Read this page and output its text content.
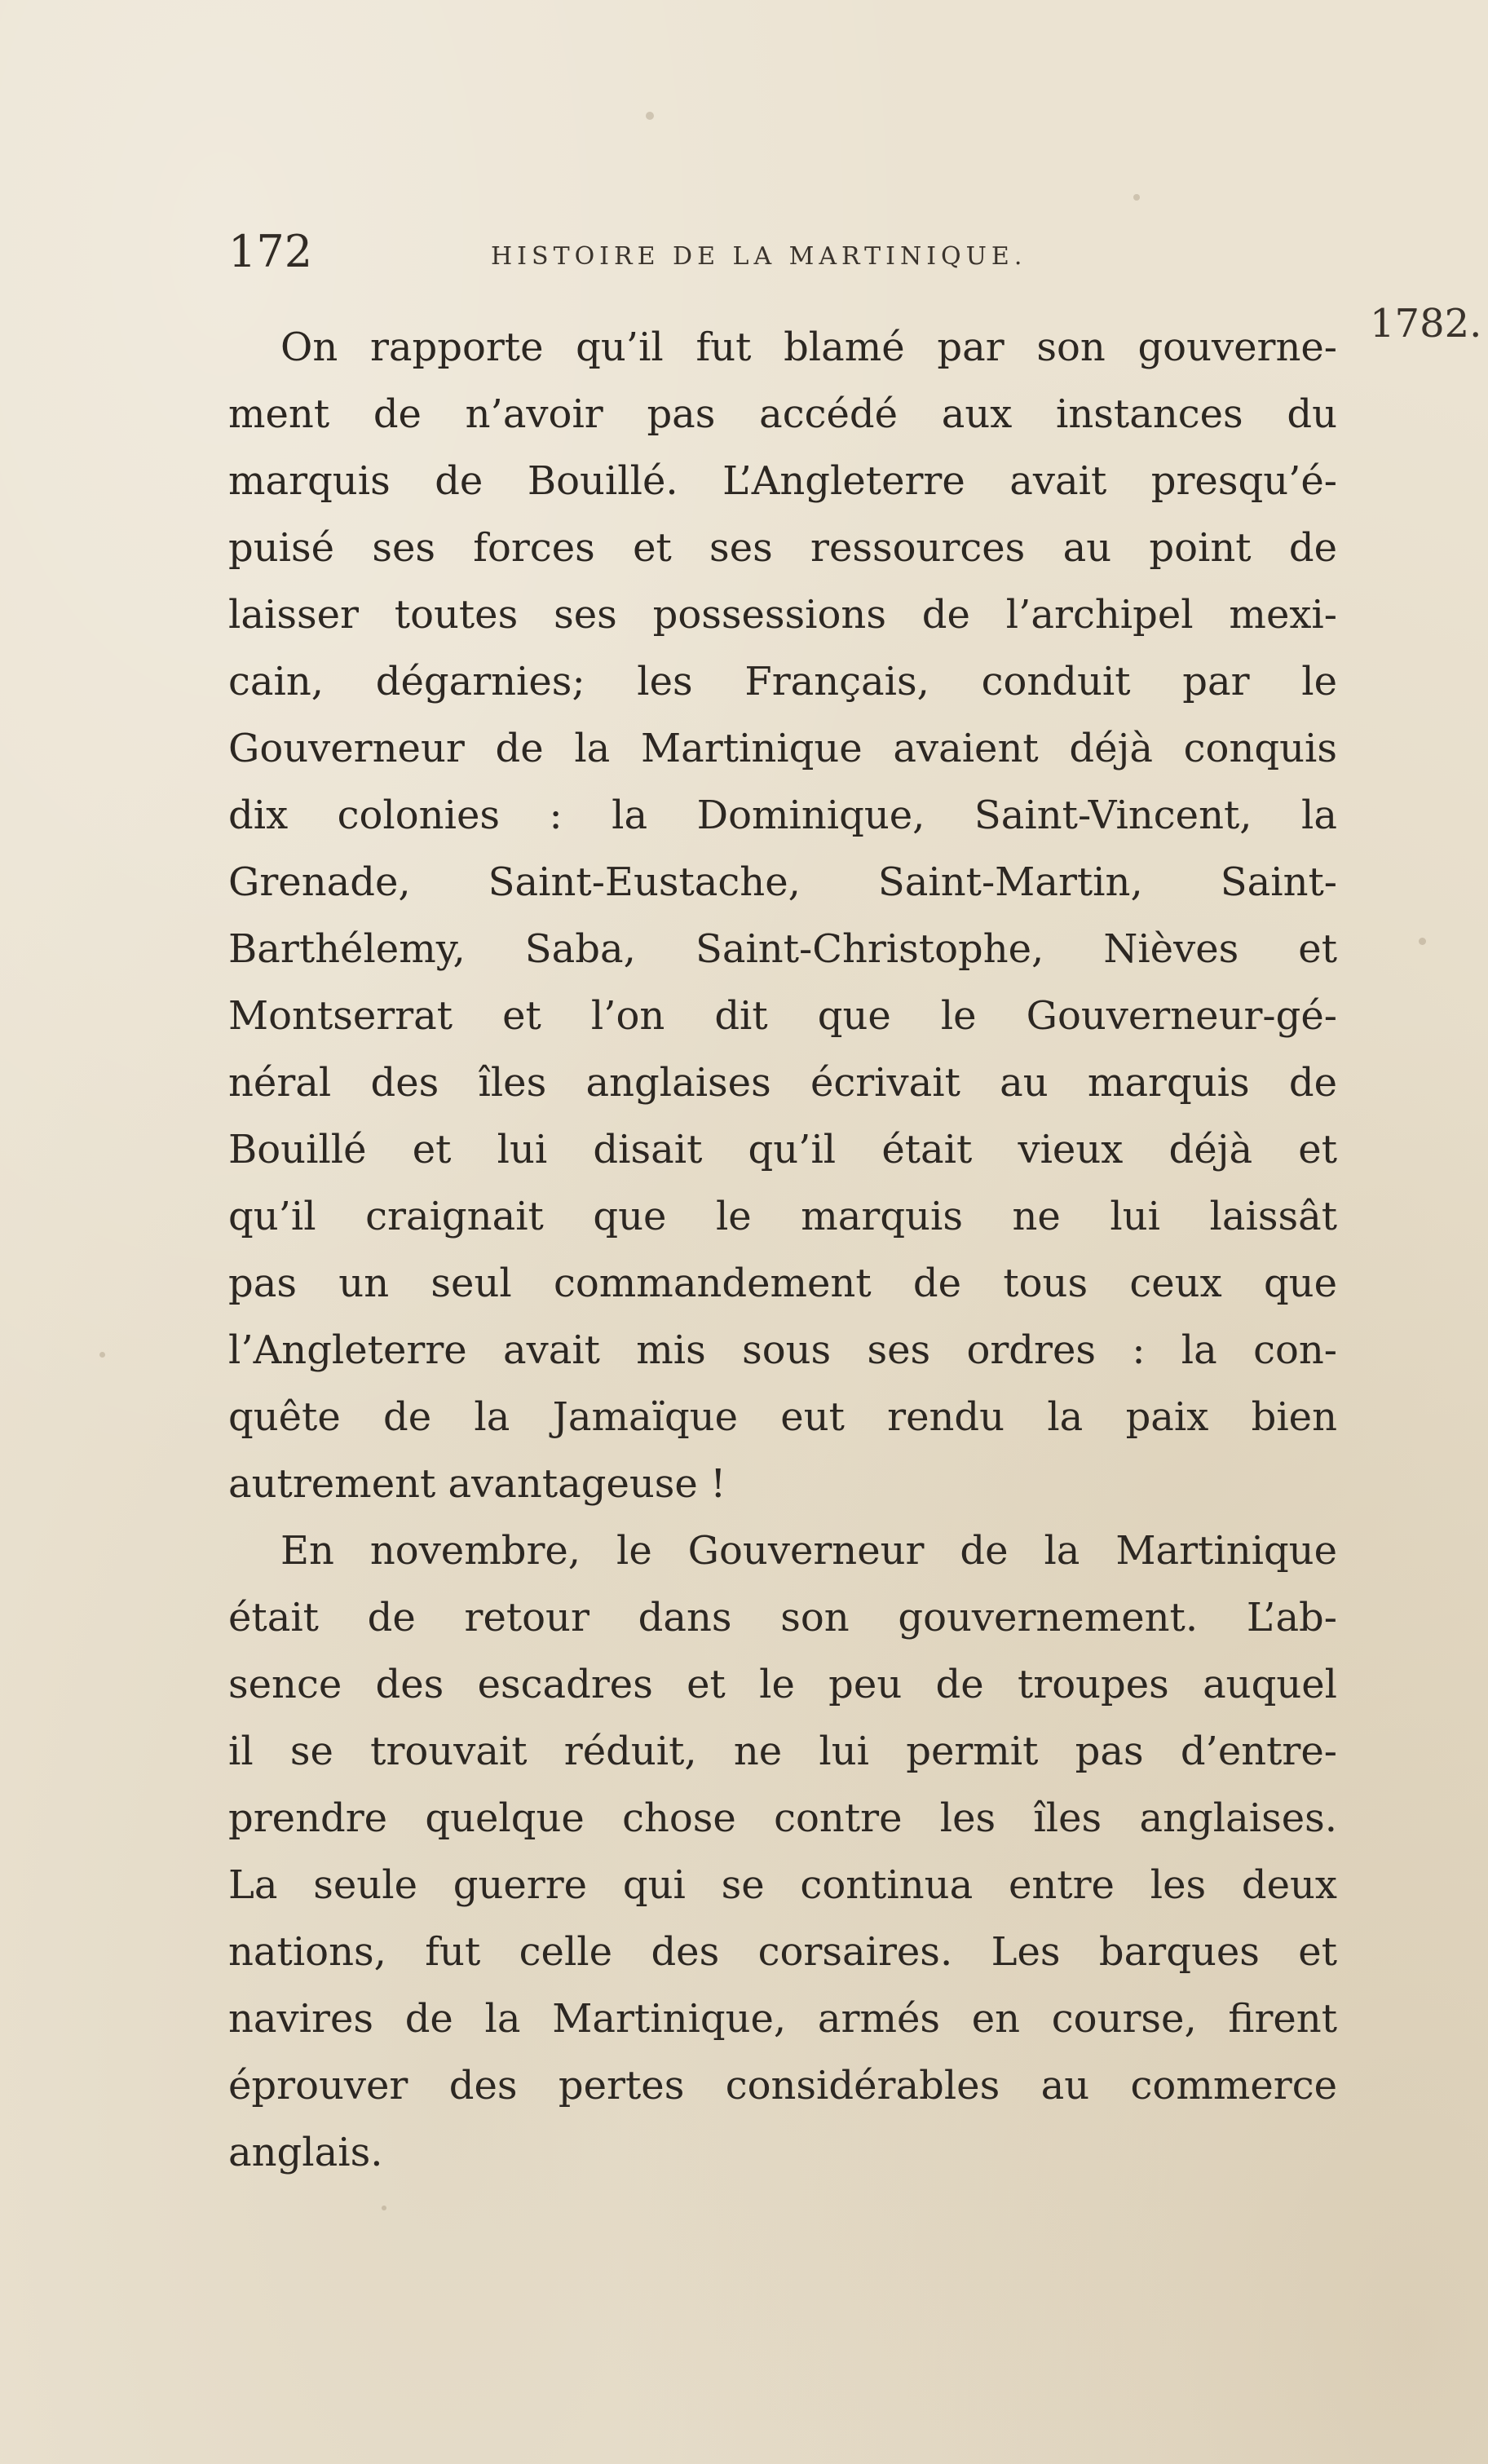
172	HISTOIRE DE LA MARTINIQUE.
1782.
On rapporte qu’il fut blamé par son gouverne-
ment de n’avoir pas accédé aux instances du
marquis de Bouillé. L’Angleterre avait presqu’é-
puisé ses forces et ses ressources au point de
laisser toutes ses possessions de l’archipel mexi-
cain, dégarnies; les Français, conduit par le
Gouverneur de la Martinique avaient déjà conquis
dix colonies : la Dominique, Saint-Vincent, la
Grenade, Saint-Eustache, Saint-Martin, Saint-
Barthélemy, Saba, Saint-Christophe, Nièves et
Montserrat et l’on dit que le Gouverneur-gé-
néral des îles anglaises écrivait au marquis de
Bouillé et lui disait qu’il était vieux déjà et
qu’il craignait que le marquis ne lui laissât
pas un seul commandement de tous ceux que
l’Angleterre avait mis sous ses ordres : la con-
quête de la Jamaïque eut rendu la paix bien
autrement avantageuse !
En novembre, le Gouverneur de la Martinique
était de retour dans son gouvernement. L’ab-
sence des escadres et le peu de troupes auquel
il se trouvait réduit, ne lui permit pas d’entre-
prendre quelque chose contre les îles anglaises.
La seule guerre qui se continua entre les deux
nations, fut celle des corsaires. Les barques et
navires de la Martinique, armés en course, firent
éprouver des pertes considérables au commerce
anglais.
